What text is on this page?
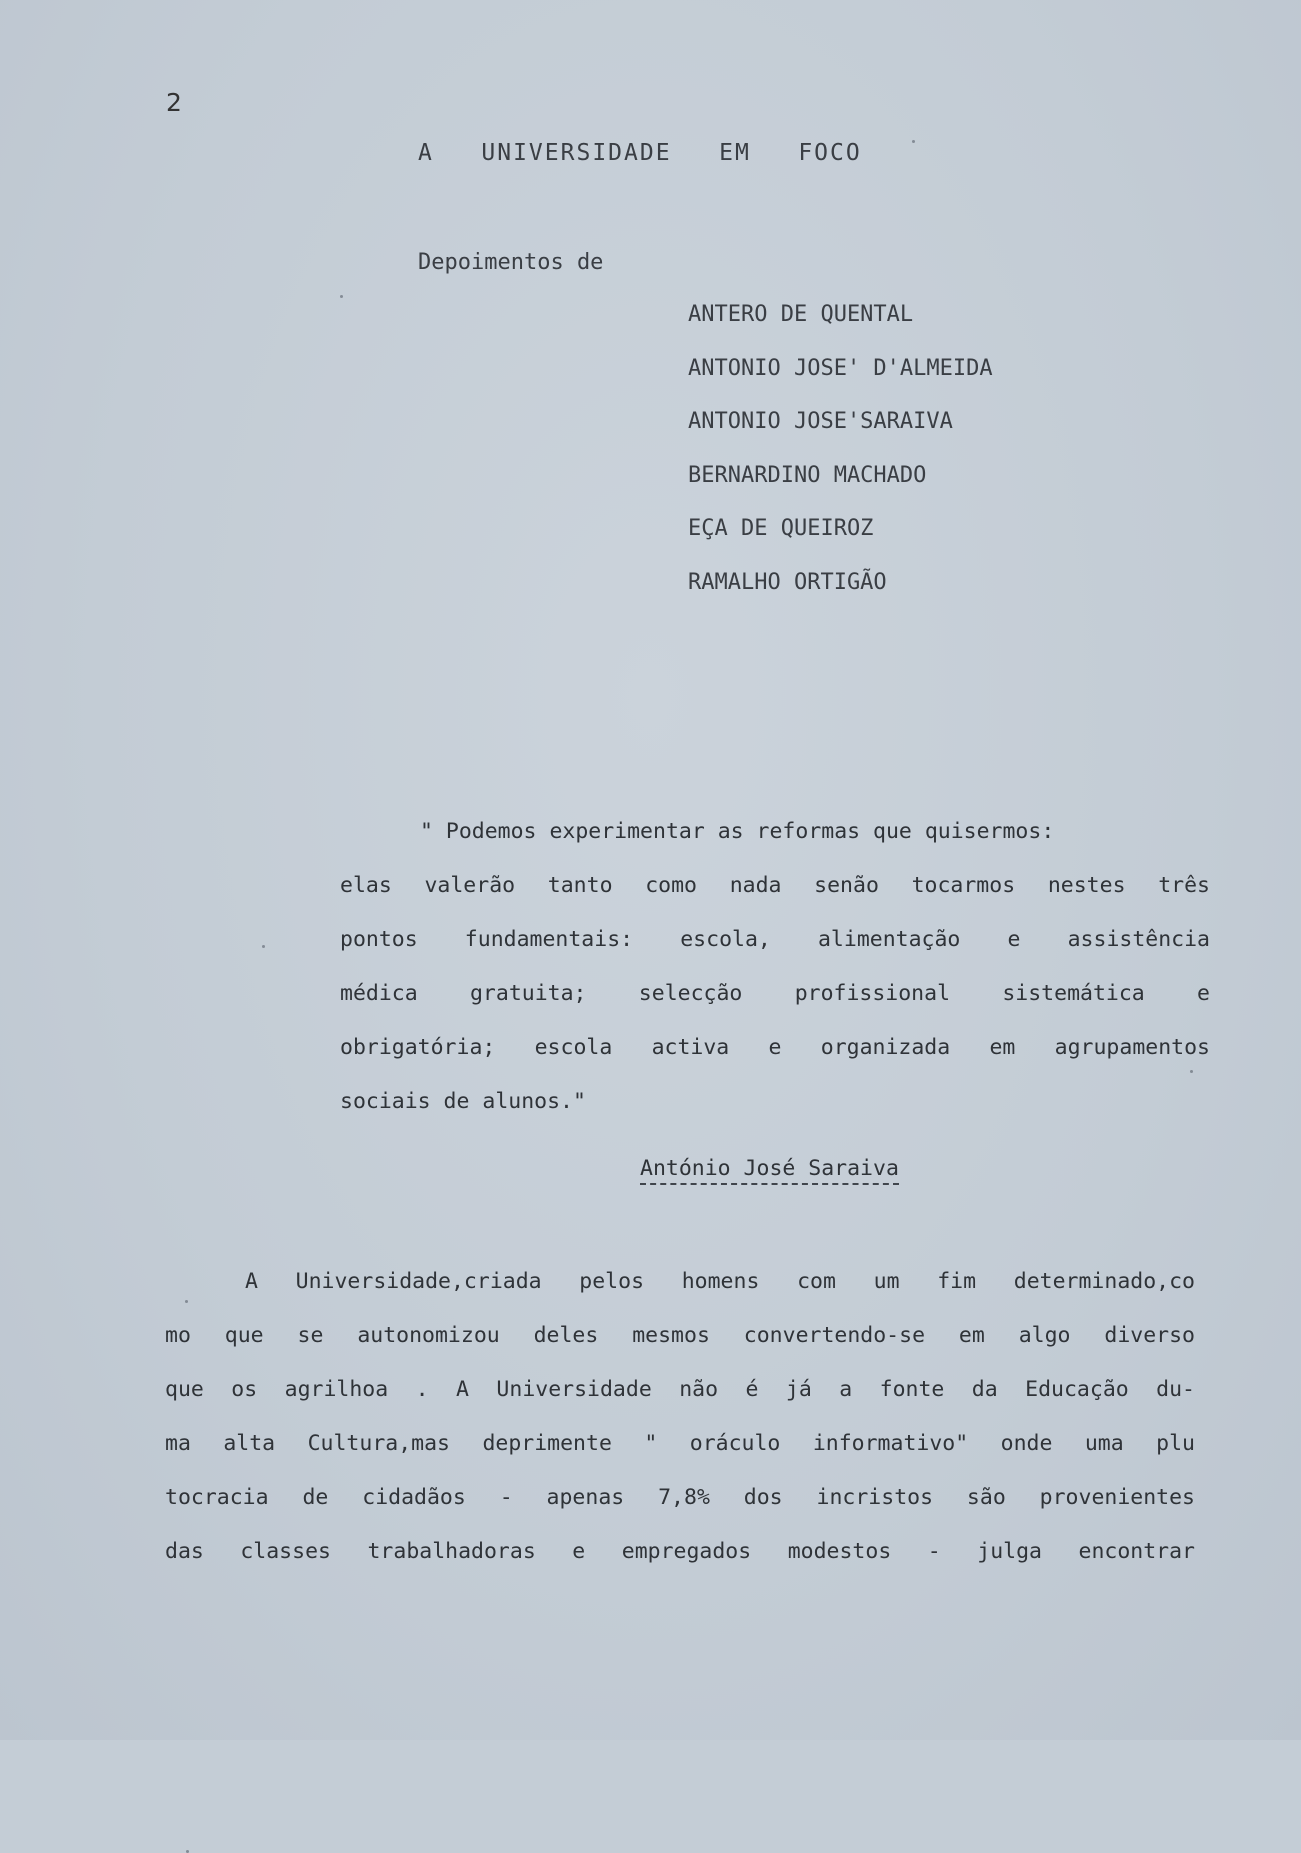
2
A   UNIVERSIDADE   EM   FOCO
Depoimentos de
ANTERO DE QUENTAL
ANTONIO JOSE' D'ALMEIDA
ANTONIO JOSE'SARAIVA
BERNARDINO MACHADO
EÇA DE QUEIROZ
RAMALHO ORTIGÃO
" Podemos experimentar as reformas que quisermos:
elas valerão tanto como nada senão tocarmos nestes três
pontos fundamentais: escola, alimentação e assistência
médica gratuita; selecção profissional sistemática e
obrigatória; escola activa e organizada em agrupamentos
sociais de alunos."
António José Saraiva
A Universidade,criada pelos homens com um fim determinado,co
mo que se autonomizou deles mesmos convertendo-se em algo diverso
que os agrilhoa . A Universidade não é já a fonte da Educação du-
ma alta Cultura,mas deprimente " oráculo informativo" onde uma plu
tocracia de cidadãos - apenas 7,8% dos incristos são provenientes
das classes trabalhadoras e empregados modestos - julga encontrar
